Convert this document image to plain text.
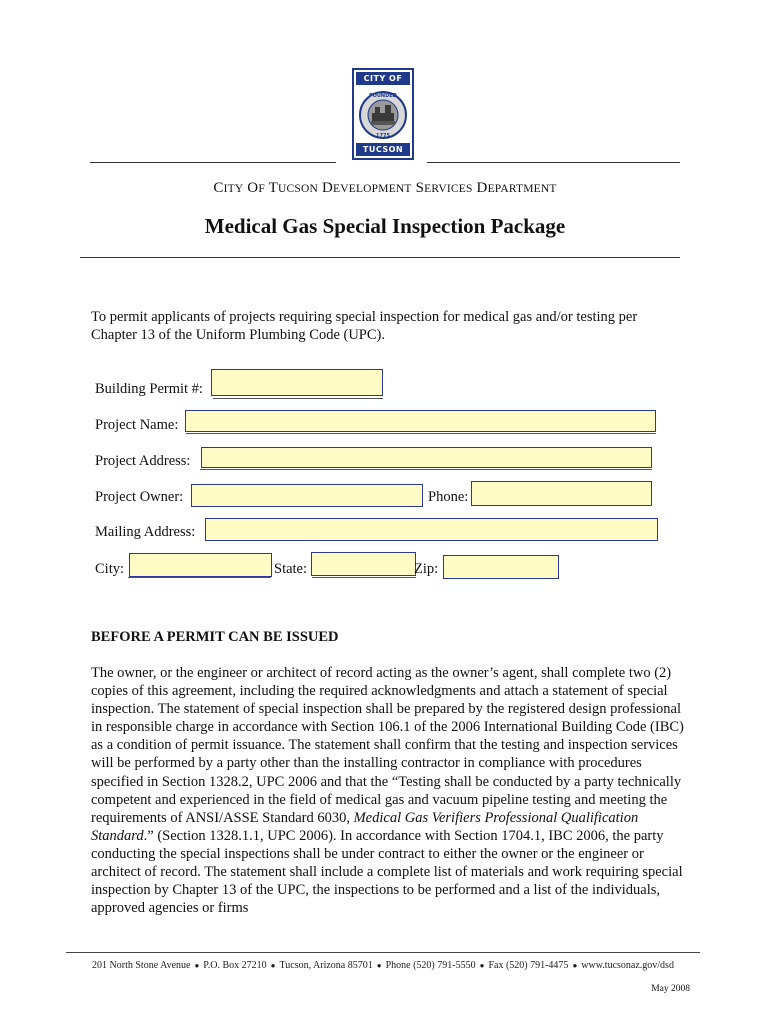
CITY OF
FOUNDED
1775
TUCSON
CITY OF TUCSON DEVELOPMENT SERVICES DEPARTMENT
Medical Gas Special Inspection Package
To permit applicants of projects requiring special inspection for medical gas and/or testing per Chapter 13 of the Uniform Plumbing Code (UPC).
Building Permit #:
Project Name:
Project Address:
Project Owner:	Phone:
Mailing Address:
City:	State:	Zip:
BEFORE A PERMIT CAN BE ISSUED
The owner, or the engineer or architect of record acting as the owner’s agent, shall complete two (2) copies of this agreement, including the required acknowledgments and attach a statement of special inspection. The statement of special inspection shall be prepared by the registered design professional in responsible charge in accordance with Section 106.1 of the 2006 International Building Code (IBC) as a condition of permit issuance. The statement shall confirm that the testing and inspection services will be performed by a party other than the installing contractor in compliance with procedures specified in Section 1328.2, UPC 2006 and that the “Testing shall be conducted by a party technically competent and experienced in the field of medical gas and vacuum pipeline testing and meeting the requirements of ANSI/ASSE Standard 6030, Medical Gas Verifiers Professional Qualification Standard.” (Section 1328.1.1, UPC 2006). In accordance with Section 1704.1, IBC 2006, the party conducting the special inspections shall be under contract to either the owner or the engineer or architect of record. The statement shall include a complete list of materials and work requiring special inspection by Chapter 13 of the UPC, the inspections to be performed and a list of the individuals, approved agencies or firms
201 North Stone Avenue ● P.O. Box 27210 ● Tucson, Arizona 85701 ● Phone (520) 791-5550 ● Fax (520) 791-4475 ● www.tucsonaz.gov/dsd
May 2008
